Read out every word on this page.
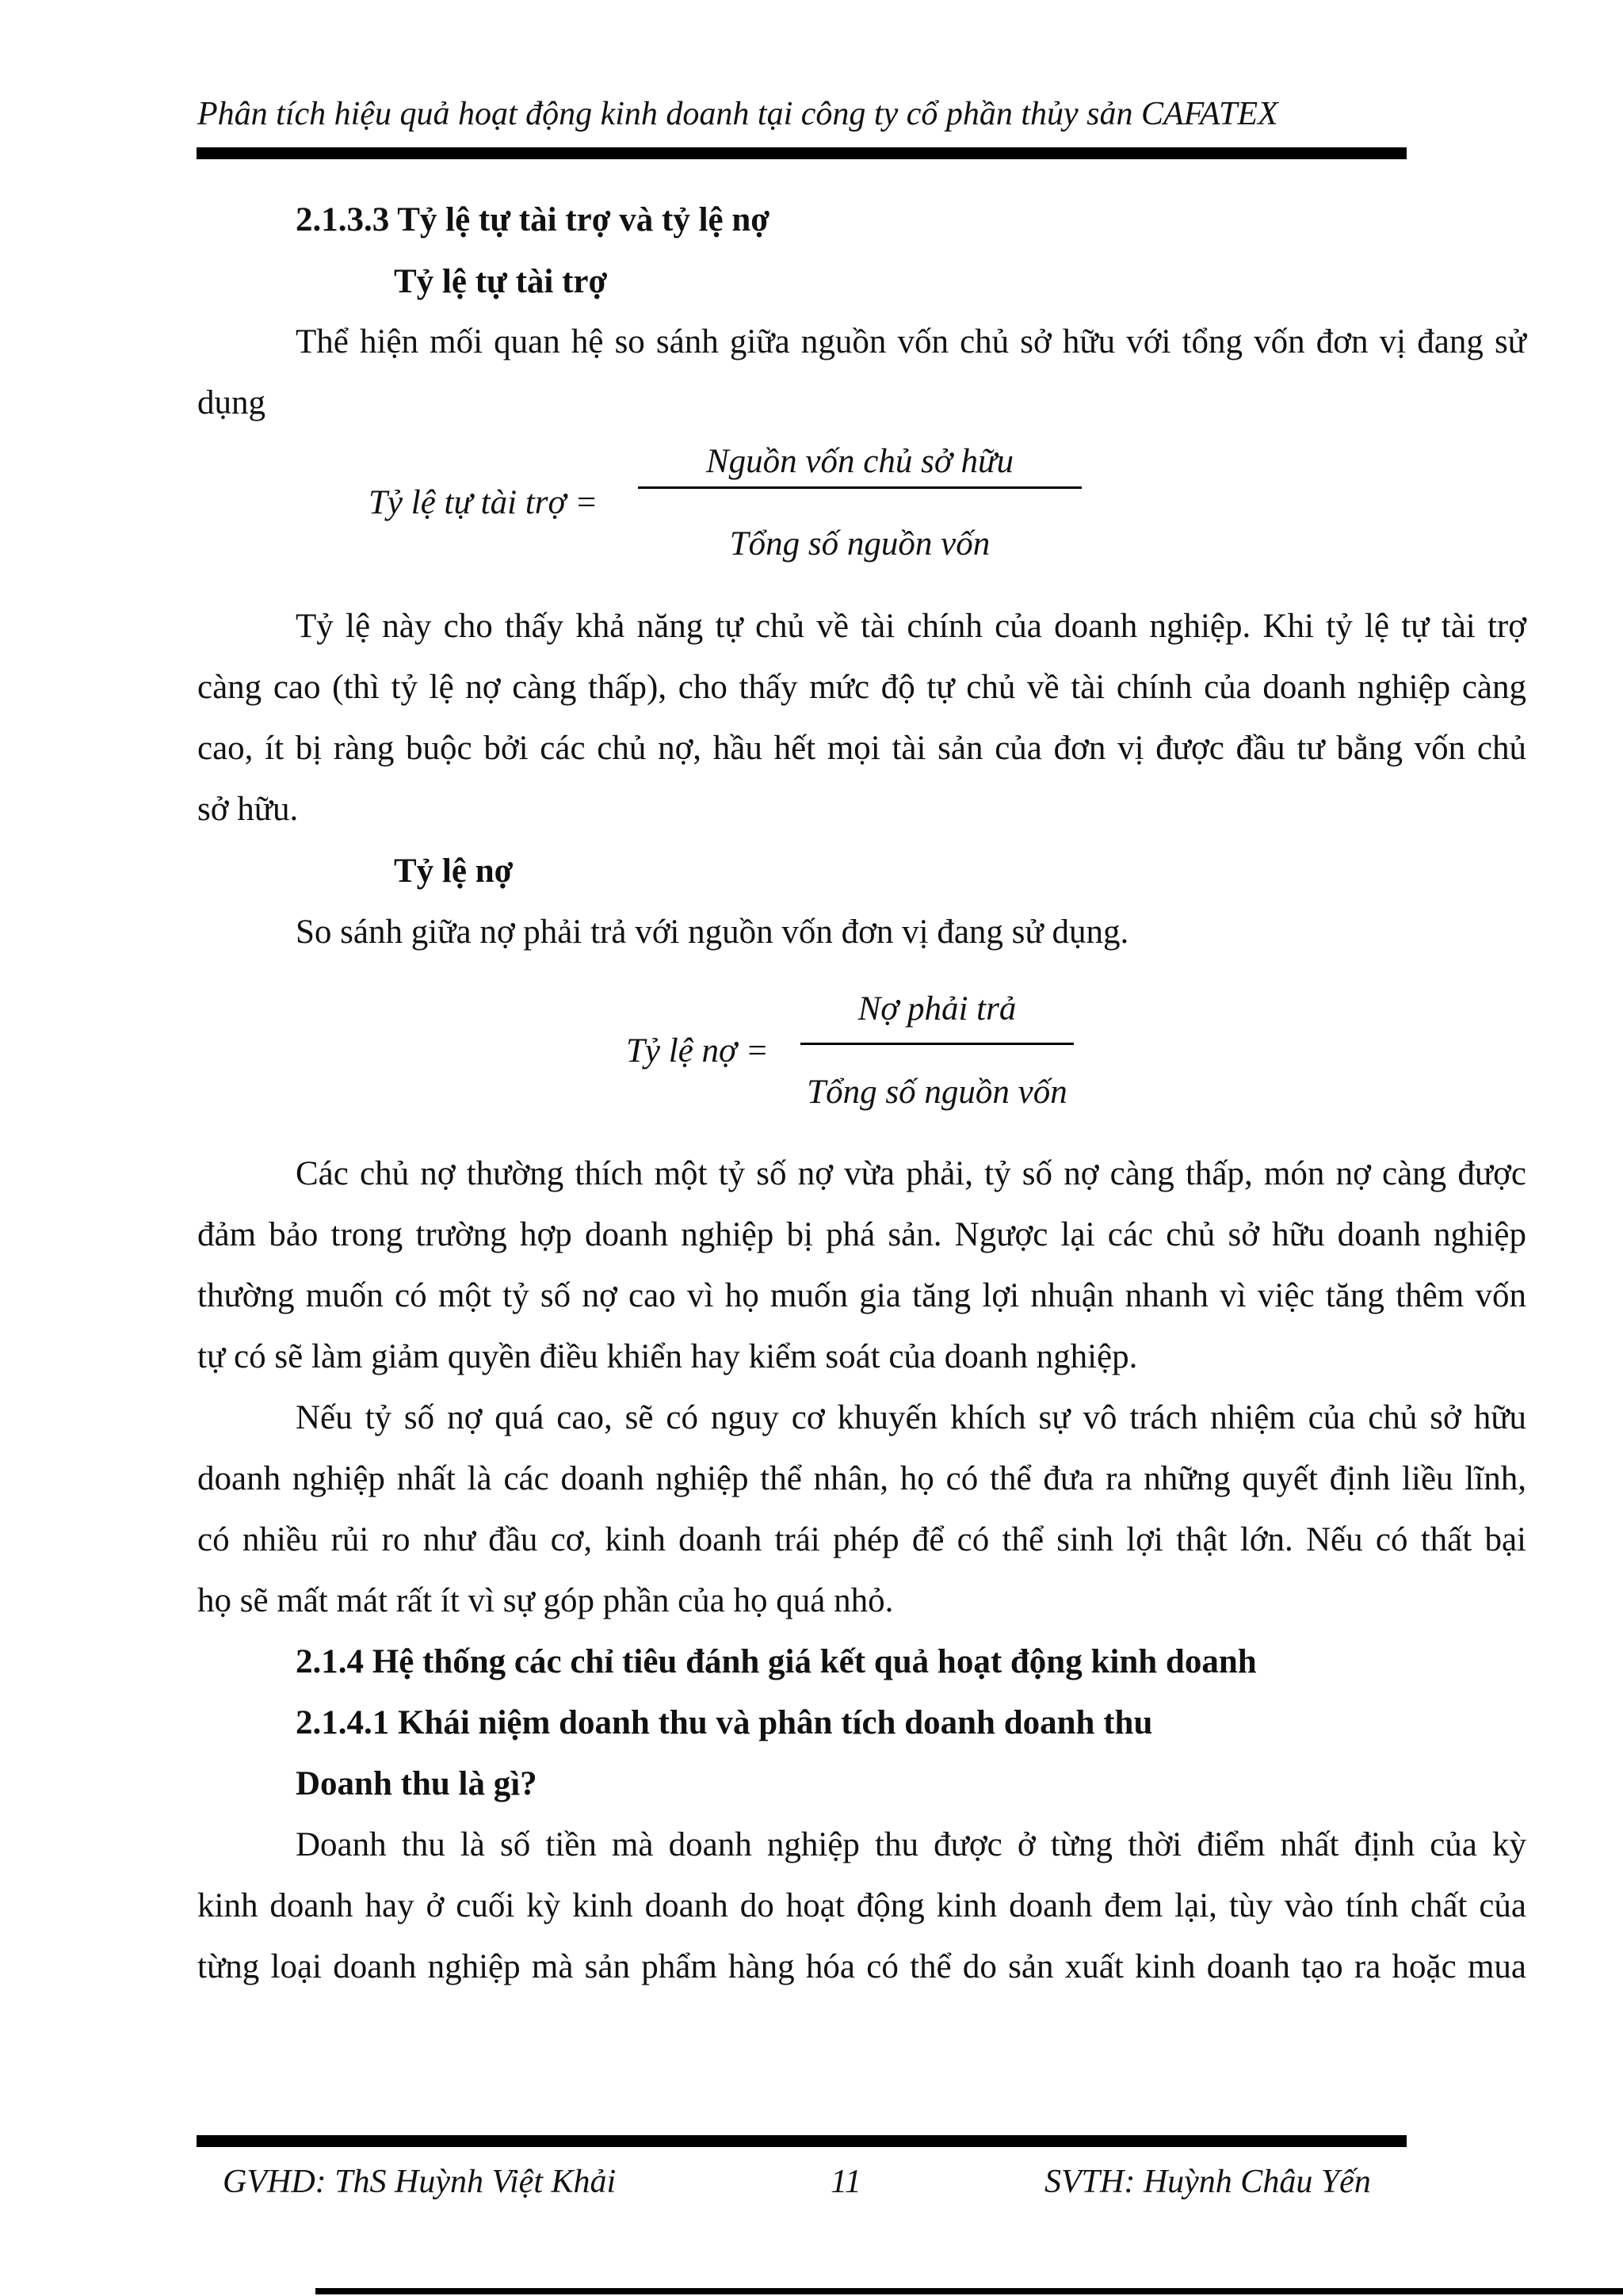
Phân tích hiệu quả hoạt động kinh doanh tại công ty cổ phần thủy sản CAFATEX
2.1.3.3 Tỷ lệ tự tài trợ và tỷ lệ nợ
Tỷ lệ tự tài trợ
Thể hiện mối quan hệ so sánh giữa nguồn vốn chủ sở hữu với tổng vốn đơn vị đang sử
dụng
Tỷ lệ tự tài trợ =
Nguồn vốn chủ sở hữu
Tổng số nguồn vốn
Tỷ lệ này cho thấy khả năng tự chủ về tài chính của doanh nghiệp. Khi tỷ lệ tự tài trợ
càng cao (thì tỷ lệ nợ càng thấp), cho thấy mức độ tự chủ về tài chính của doanh nghiệp càng
cao, ít bị ràng buộc bởi các chủ nợ, hầu hết mọi tài sản của đơn vị được đầu tư bằng vốn chủ
sở hữu.
Tỷ lệ nợ
So sánh giữa nợ phải trả với nguồn vốn đơn vị đang sử dụng.
Tỷ lệ nợ =
Nợ phải trả
Tổng số nguồn vốn
Các chủ nợ thường thích một tỷ số nợ vừa phải, tỷ số nợ càng thấp, món nợ càng được
đảm bảo trong trường hợp doanh nghiệp bị phá sản. Ngược lại các chủ sở hữu doanh nghiệp
thường muốn có một tỷ số nợ cao vì họ muốn gia tăng lợi nhuận nhanh vì việc tăng thêm vốn
tự có sẽ làm giảm quyền điều khiển hay kiểm soát của doanh nghiệp.
Nếu tỷ số nợ quá cao, sẽ có nguy cơ khuyến khích sự vô trách nhiệm của chủ sở hữu
doanh nghiệp nhất là các doanh nghiệp thể nhân, họ có thể đưa ra những quyết định liều lĩnh,
có nhiều rủi ro như đầu cơ, kinh doanh trái phép để có thể sinh lợi thật lớn. Nếu có thất bại
họ sẽ mất mát rất ít vì sự góp phần của họ quá nhỏ.
2.1.4 Hệ thống các chỉ tiêu đánh giá kết quả hoạt động kinh doanh
2.1.4.1 Khái niệm doanh thu và phân tích doanh doanh thu
Doanh thu là gì?
Doanh thu là số tiền mà doanh nghiệp thu được ở từng thời điểm nhất định của kỳ
kinh doanh hay ở cuối kỳ kinh doanh do hoạt động kinh doanh đem lại, tùy vào tính chất của
từng loại doanh nghiệp mà sản phẩm hàng hóa có thể do sản xuất kinh doanh tạo ra hoặc mua
GVHD: ThS Huỳnh Việt Khải	11	SVTH: Huỳnh Châu Yến
